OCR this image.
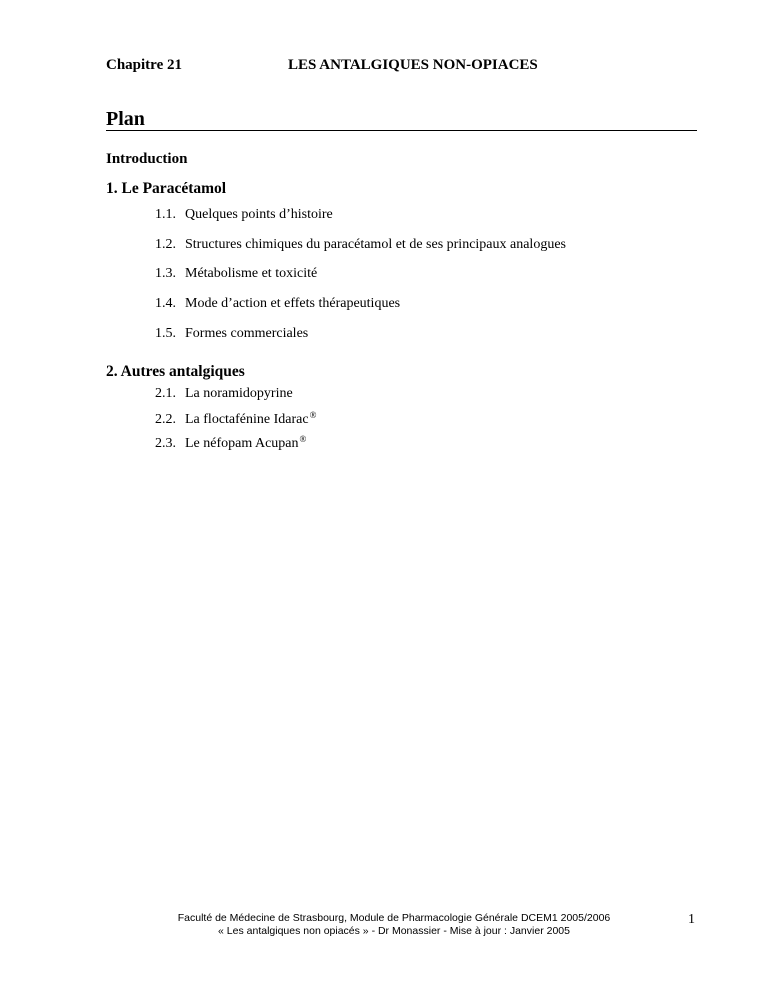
Chapitre 21	LES ANTALGIQUES NON-OPIACES
Plan
Introduction
1. Le Paracétamol
1.1. Quelques points d’histoire
1.2. Structures chimiques du paracétamol et de ses principaux analogues
1.3. Métabolisme et toxicité
1.4. Mode d’action et effets thérapeutiques
1.5. Formes commerciales
2. Autres antalgiques
2.1. La noramidopyrine
2.2. La floctafénine Idarac®
2.3. Le néfopam Acupan®
Faculté de Médecine de Strasbourg, Module de Pharmacologie Générale DCEM1 2005/2006
« Les antalgiques non opiacés » - Dr Monassier - Mise à jour : Janvier 2005
1
